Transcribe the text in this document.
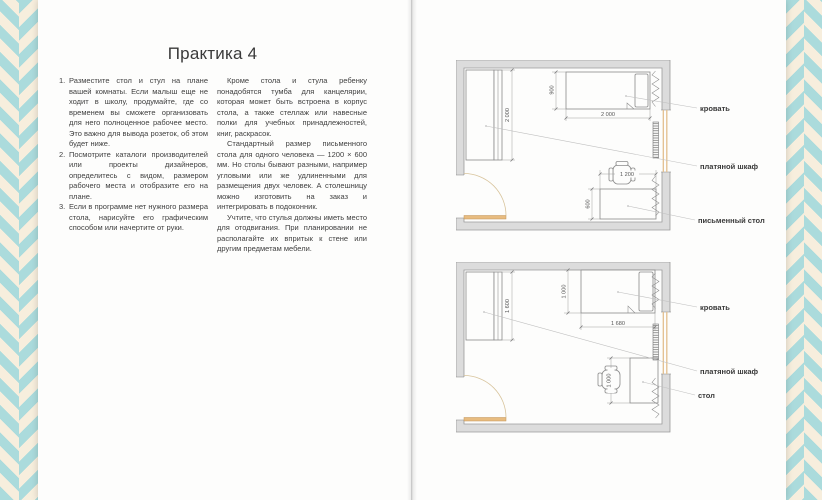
Практика 4
1. Разместите стол и стул на плане вашей комнаты. Если малыш еще не ходит в школу, продумайте, где со временем вы сможете организовать для него полноценное рабочее место. Это важно для вывода розеток, об этом будет ниже.
2. Посмотрите каталоги производителей или проекты дизайнеров, определитесь с видом, размером рабочего места и отобразите его на плане.
3. Если в программе нет нужного размера стола, нарисуйте его графическим способом или начертите от руки.

Кроме стола и стула ребенку понадобятся тумба для канцелярии, которая может быть встроена в корпус стола, а также стеллаж или навесные полки для учебных принадлежностей, книг, раскрасок.

Стандартный размер письменного стола для одного человека — 1200 × 600 мм. Но столы бывают разными, например угловыми или же удлиненными для размещения двух человек. А столешницу можно изготовить на заказ и интегрировать в подоконник.

Учтите, что стулья должны иметь место для отодвигания. При планировании не располагайте их впритык к стене или другим предметам мебели.

2 000
900
2 000
1 200
600
кровать
платяной шкаф
письменный стол
1 600
1 000
1 680
1 000
кровать
платяной шкаф
стол
